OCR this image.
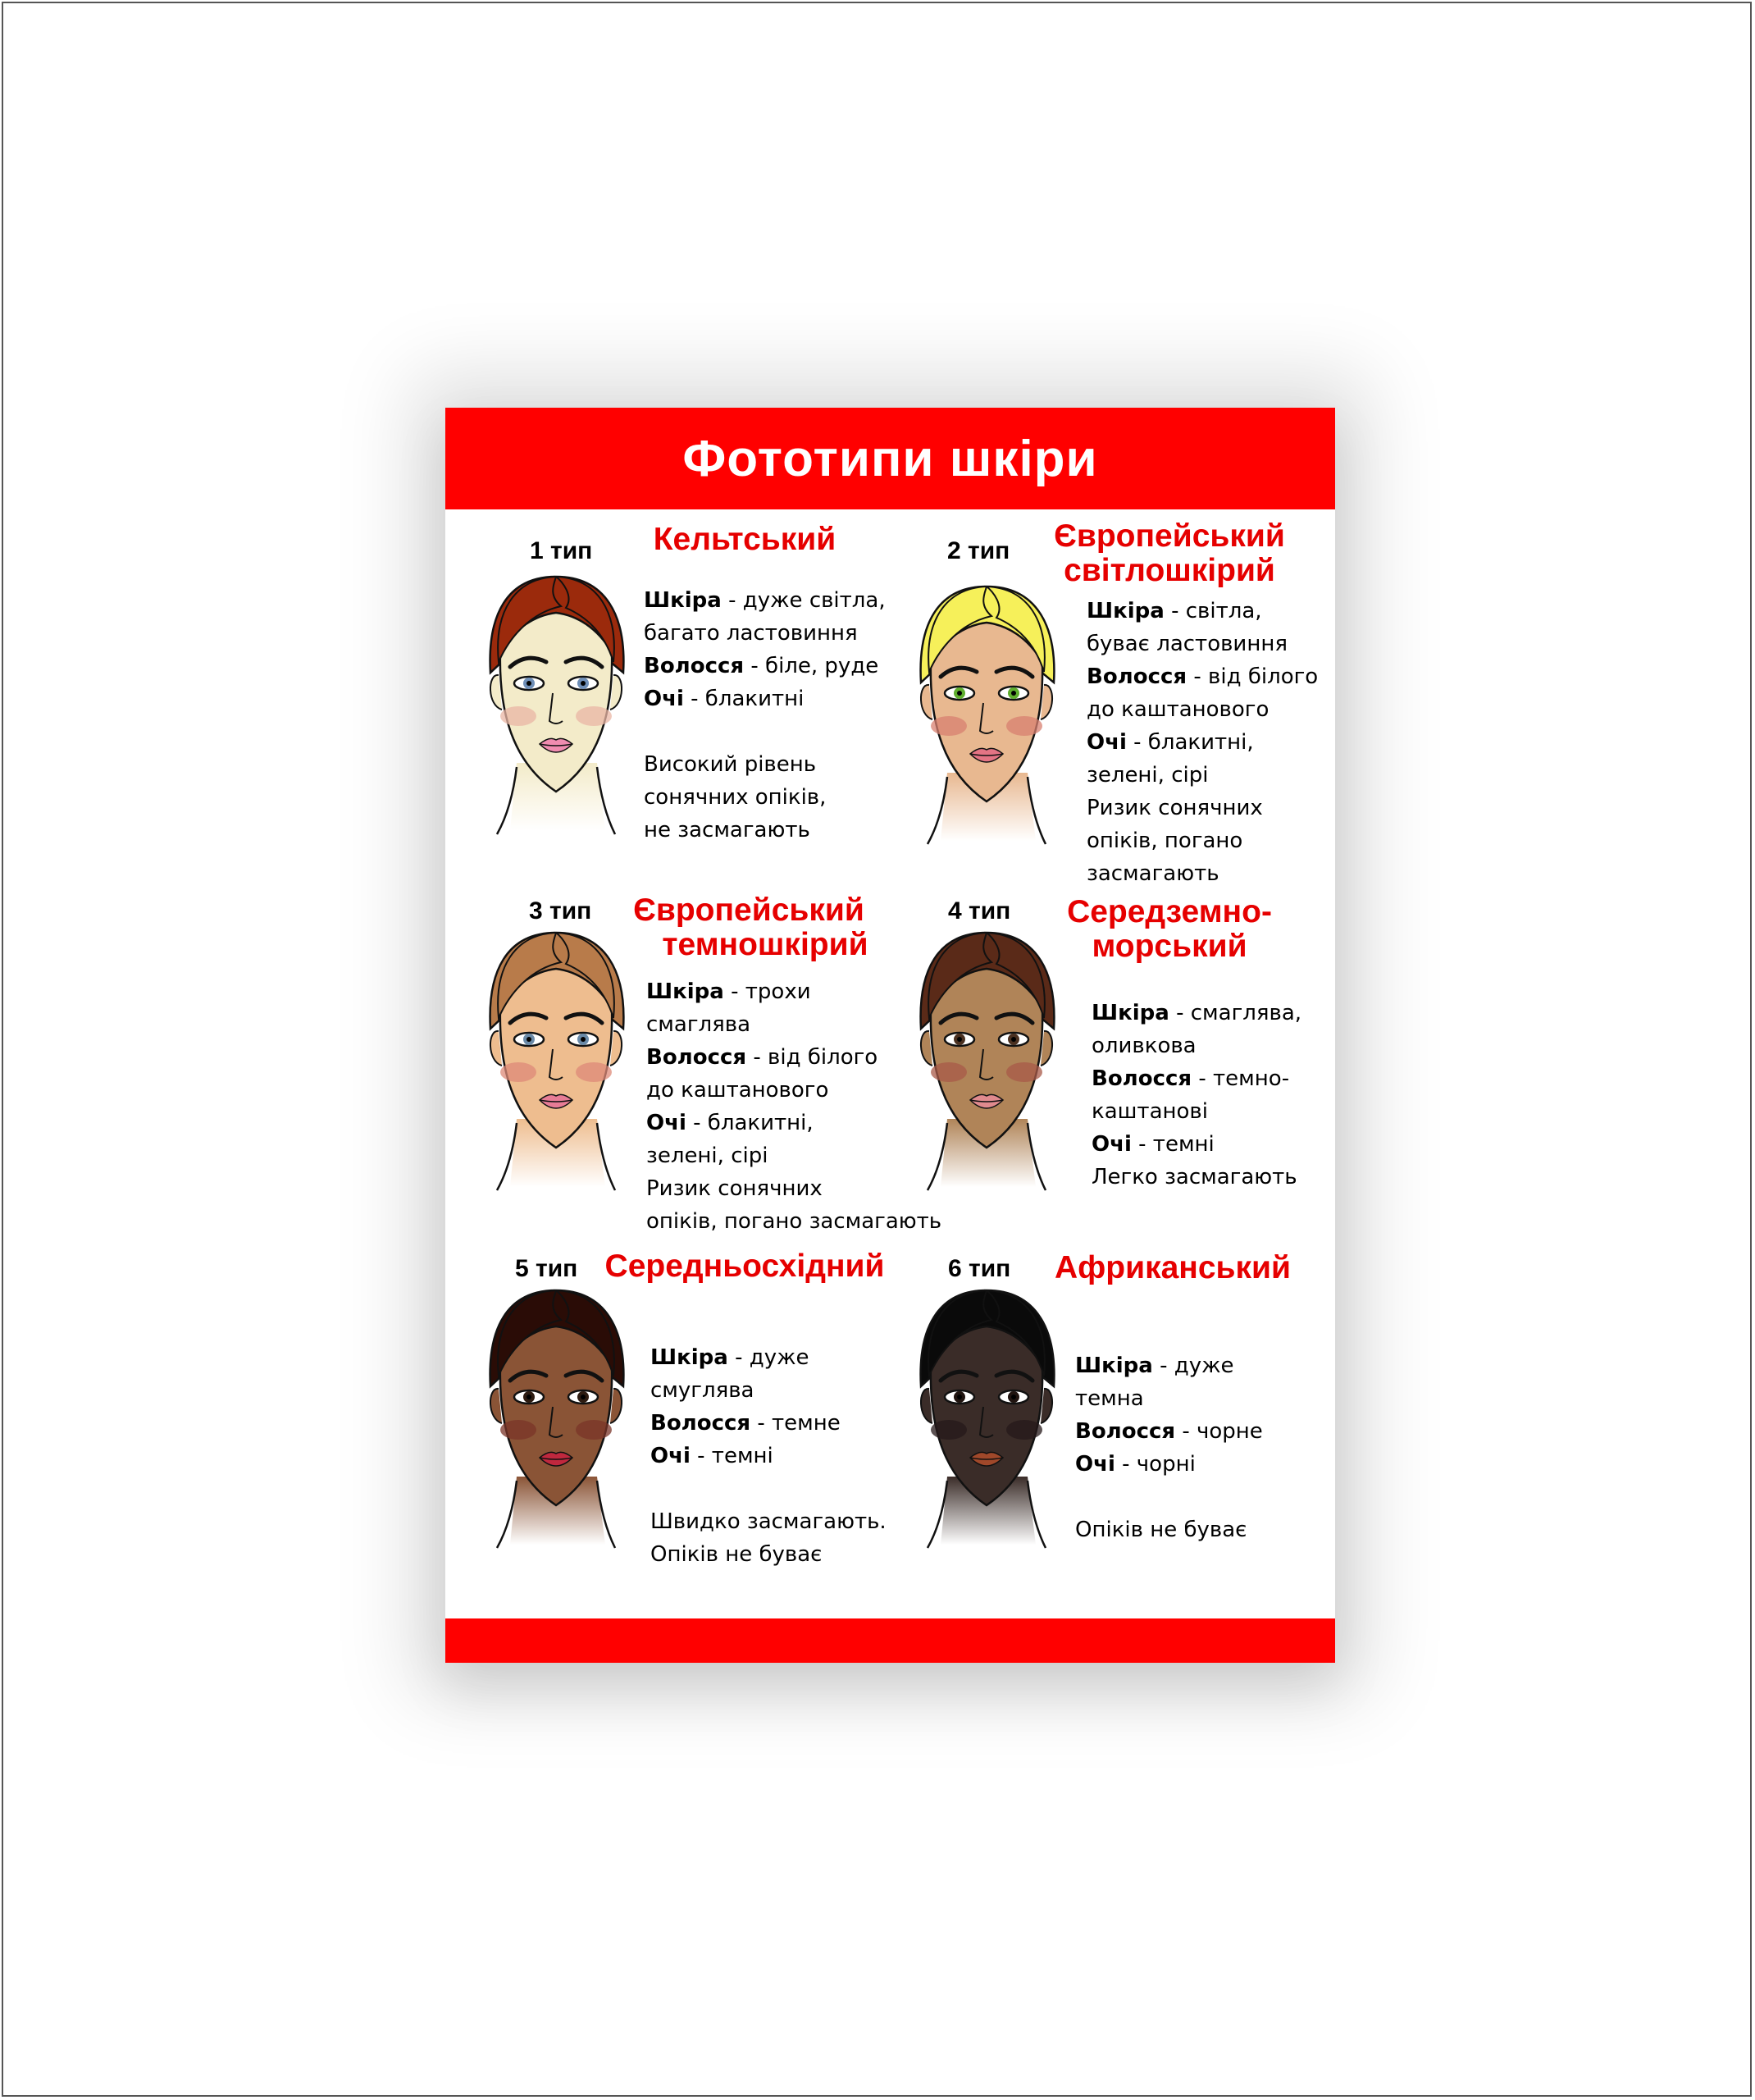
Фототипи шкіри
1 тип	Кельтський
Шкіра - дуже світла,
багато ластовиння
Волосся - біле, руде
Очі - блакитні
Високий рівень
сонячних опіків,
не засмагають
2 тип	Європейський
світлошкірий
Шкіра - світла,
буває ластовиння
Волосся - від білого
до каштанового
Очі - блакитні,
зелені, сірі
Ризик сонячних
опіків, погано
засмагають
3 тип	Європейський
темношкірий
Шкіра - трохи
смаглява
Волосся - від білого
до каштанового
Очі - блакитні,
зелені, сірі
Ризик сонячних
опіків, погано засмагають
4 тип	Середземно-
морський
Шкіра - смаглява,
оливкова
Волосся - темно-
каштанові
Очі - темні
Легко засмагають
5 тип Середньосхідний
Шкіра - дуже
смуглява
Волосся - темне
Очі - темні
Швидко засмагають.
Опіків не буває
6 тип	Африканський
Шкіра - дуже
темна
Волосся - чорне
Очі - чорні
Опіків не буває
